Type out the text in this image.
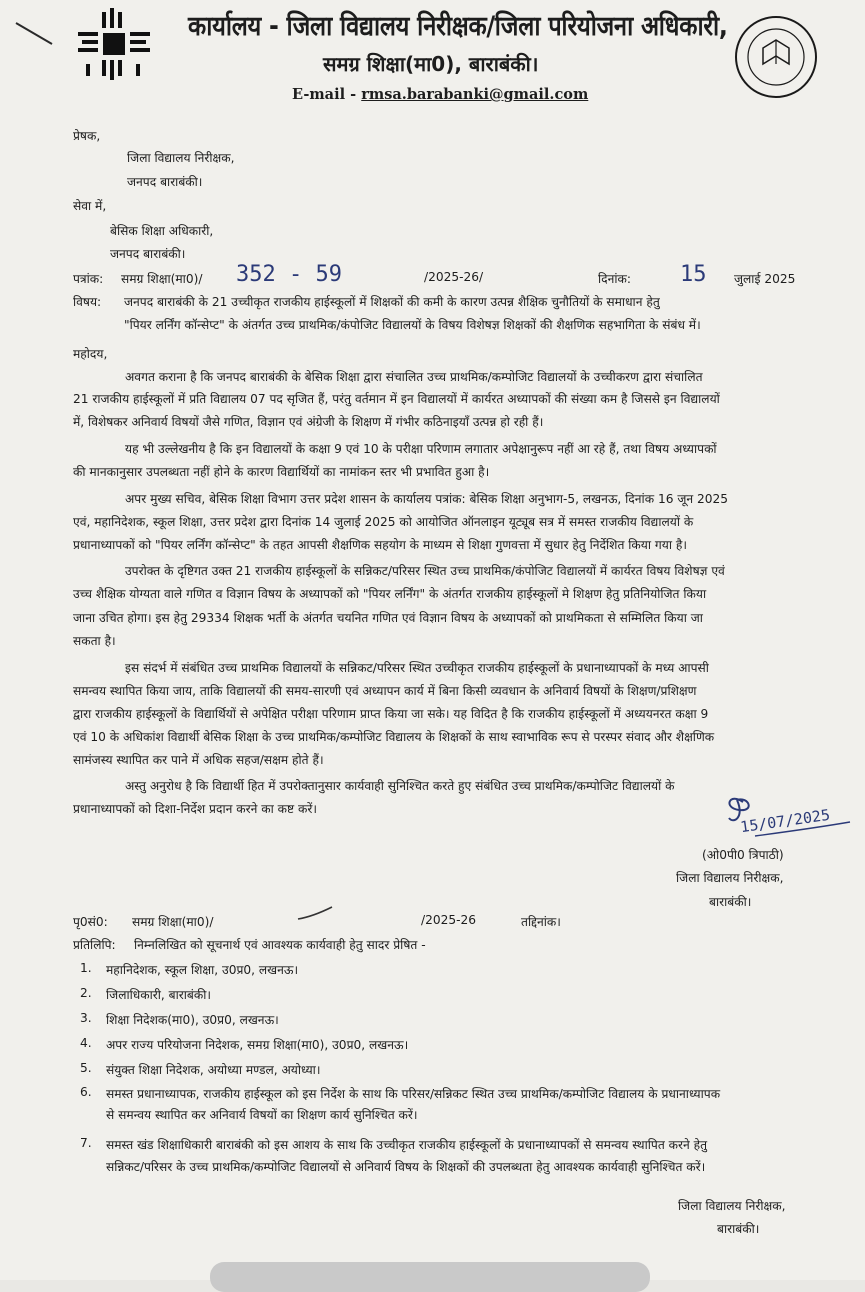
कार्यालय - जिला विद्यालय निरीक्षक/जिला परियोजना अधिकारी,
समग्र शिक्षा(मा0), बाराबंकी।
E-mail - rmsa.barabanki@gmail.com
प्रेषक,
जिला विद्यालय निरीक्षक,
जनपद बाराबंकी।
सेवा में,
बेसिक शिक्षा अधिकारी,
जनपद बाराबंकी।
पत्रांक: समग्र शिक्षा(मा0)/ 352 - 59	/2025-26/	दिनांक: 15 जुलाई 2025
विषय: जनपद बाराबंकी के 21 उच्चीकृत राजकीय हाईस्कूलों में शिक्षकों की कमी के कारण उत्पन्न शैक्षिक चुनौतियों के समाधान हेतु
"पियर लर्निंग कॉन्सेप्ट" के अंतर्गत उच्च प्राथमिक/कंपोजिट विद्यालयों के विषय विशेषज्ञ शिक्षकों की शैक्षणिक सहभागिता के संबंध में।
महोदय,
अवगत कराना है कि जनपद बाराबंकी के बेसिक शिक्षा द्वारा संचालित उच्च प्राथमिक/कम्पोजिट विद्यालयों के उच्चीकरण द्वारा संचालित
21 राजकीय हाईस्कूलों में प्रति विद्यालय 07 पद सृजित हैं, परंतु वर्तमान में इन विद्यालयों में कार्यरत अध्यापकों की संख्या कम है जिससे इन विद्यालयों
में, विशेषकर अनिवार्य विषयों जैसे गणित, विज्ञान एवं अंग्रेजी के शिक्षण में गंभीर कठिनाइयाँ उत्पन्न हो रही हैं।
यह भी उल्लेखनीय है कि इन विद्यालयों के कक्षा 9 एवं 10 के परीक्षा परिणाम लगातार अपेक्षानुरूप नहीं आ रहे हैं, तथा विषय अध्यापकों
की मानकानुसार उपलब्धता नहीं होने के कारण विद्यार्थियों का नामांकन स्तर भी प्रभावित हुआ है।
अपर मुख्य सचिव, बेसिक शिक्षा विभाग उत्तर प्रदेश शासन के कार्यालय पत्रांक: बेसिक शिक्षा अनुभाग-5, लखनऊ, दिनांक 16 जून 2025
एवं, महानिदेशक, स्कूल शिक्षा, उत्तर प्रदेश द्वारा दिनांक 14 जुलाई 2025 को आयोजित ऑनलाइन यूट्यूब सत्र में समस्त राजकीय विद्यालयों के
प्रधानाध्यापकों को "पियर लर्निंग कॉन्सेप्ट" के तहत आपसी शैक्षणिक सहयोग के माध्यम से शिक्षा गुणवत्ता में सुधार हेतु निर्देशित किया गया है।
उपरोक्त के दृष्टिगत उक्त 21 राजकीय हाईस्कूलों के सन्निकट/परिसर स्थित उच्च प्राथमिक/कंपोजिट विद्यालयों में कार्यरत विषय विशेषज्ञ एवं
उच्च शैक्षिक योग्यता वाले गणित व विज्ञान विषय के अध्यापकों को "पियर लर्निंग" के अंतर्गत राजकीय हाईस्कूलों मे शिक्षण हेतु प्रतिनियोजित किया
जाना उचित होगा। इस हेतु 29334 शिक्षक भर्ती के अंतर्गत चयनित गणित एवं विज्ञान विषय के अध्यापकों को प्राथमिकता से सम्मिलित किया जा
सकता है।
इस संदर्भ में संबंधित उच्च प्राथमिक विद्यालयों के सन्निकट/परिसर स्थित उच्चीकृत राजकीय हाईस्कूलों के प्रधानाध्यापकों के मध्य आपसी
समन्वय स्थापित किया जाय, ताकि विद्यालयों की समय-सारणी एवं अध्यापन कार्य में बिना किसी व्यवधान के अनिवार्य विषयों के शिक्षण/प्रशिक्षण
द्वारा राजकीय हाईस्कूलों के विद्यार्थियों से अपेक्षित परीक्षा परिणाम प्राप्त किया जा सके। यह विदित है कि राजकीय हाईस्कूलों में अध्ययनरत कक्षा 9
एवं 10 के अधिकांश विद्यार्थी बेसिक शिक्षा के उच्च प्राथमिक/कम्पोजिट विद्यालय के शिक्षकों के साथ स्वाभाविक रूप से परस्पर संवाद और शैक्षणिक
सामंजस्य स्थापित कर पाने में अधिक सहज/सक्षम होते हैं।
अस्तु अनुरोध है कि विद्यार्थी हित में उपरोक्तानुसार कार्यवाही सुनिश्चित करते हुए संबंधित उच्च प्राथमिक/कम्पोजिट विद्यालयों के
प्रधानाध्यापकों को दिशा-निर्देश प्रदान करने का कष्ट करें।	15/07/2025
(ओ0पी0 त्रिपाठी)
जिला विद्यालय निरीक्षक,
बाराबंकी।
पृ0सं0: समग्र शिक्षा(मा0)/	/2025-26	तद्दिनांक।
प्रतिलिपि: निम्नलिखित को सूचनार्थ एवं आवश्यक कार्यवाही हेतु सादर प्रेषित -
1. महानिदेशक, स्कूल शिक्षा, उ0प्र0, लखनऊ।
2. जिलाधिकारी, बाराबंकी।
3. शिक्षा निदेशक(मा0), उ0प्र0, लखनऊ।
4. अपर राज्य परियोजना निदेशक, समग्र शिक्षा(मा0), उ0प्र0, लखनऊ।
5. संयुक्त शिक्षा निदेशक, अयोध्या मण्डल, अयोध्या।
6. समस्त प्रधानाध्यापक, राजकीय हाईस्कूल को इस निर्देश के साथ कि परिसर/सन्निकट स्थित उच्च प्राथमिक/कम्पोजिट विद्यालय के प्रधानाध्यापक
से समन्वय स्थापित कर अनिवार्य विषयों का शिक्षण कार्य सुनिश्चित करें।
7. समस्त खंड शिक्षाधिकारी बाराबंकी को इस आशय के साथ कि उच्चीकृत राजकीय हाईस्कूलों के प्रधानाध्यापकों से समन्वय स्थापित करने हेतु
सन्निकट/परिसर के उच्च प्राथमिक/कम्पोजिट विद्यालयों से अनिवार्य विषय के शिक्षकों की उपलब्धता हेतु आवश्यक कार्यवाही सुनिश्चित करें।
जिला विद्यालय निरीक्षक,
बाराबंकी।
